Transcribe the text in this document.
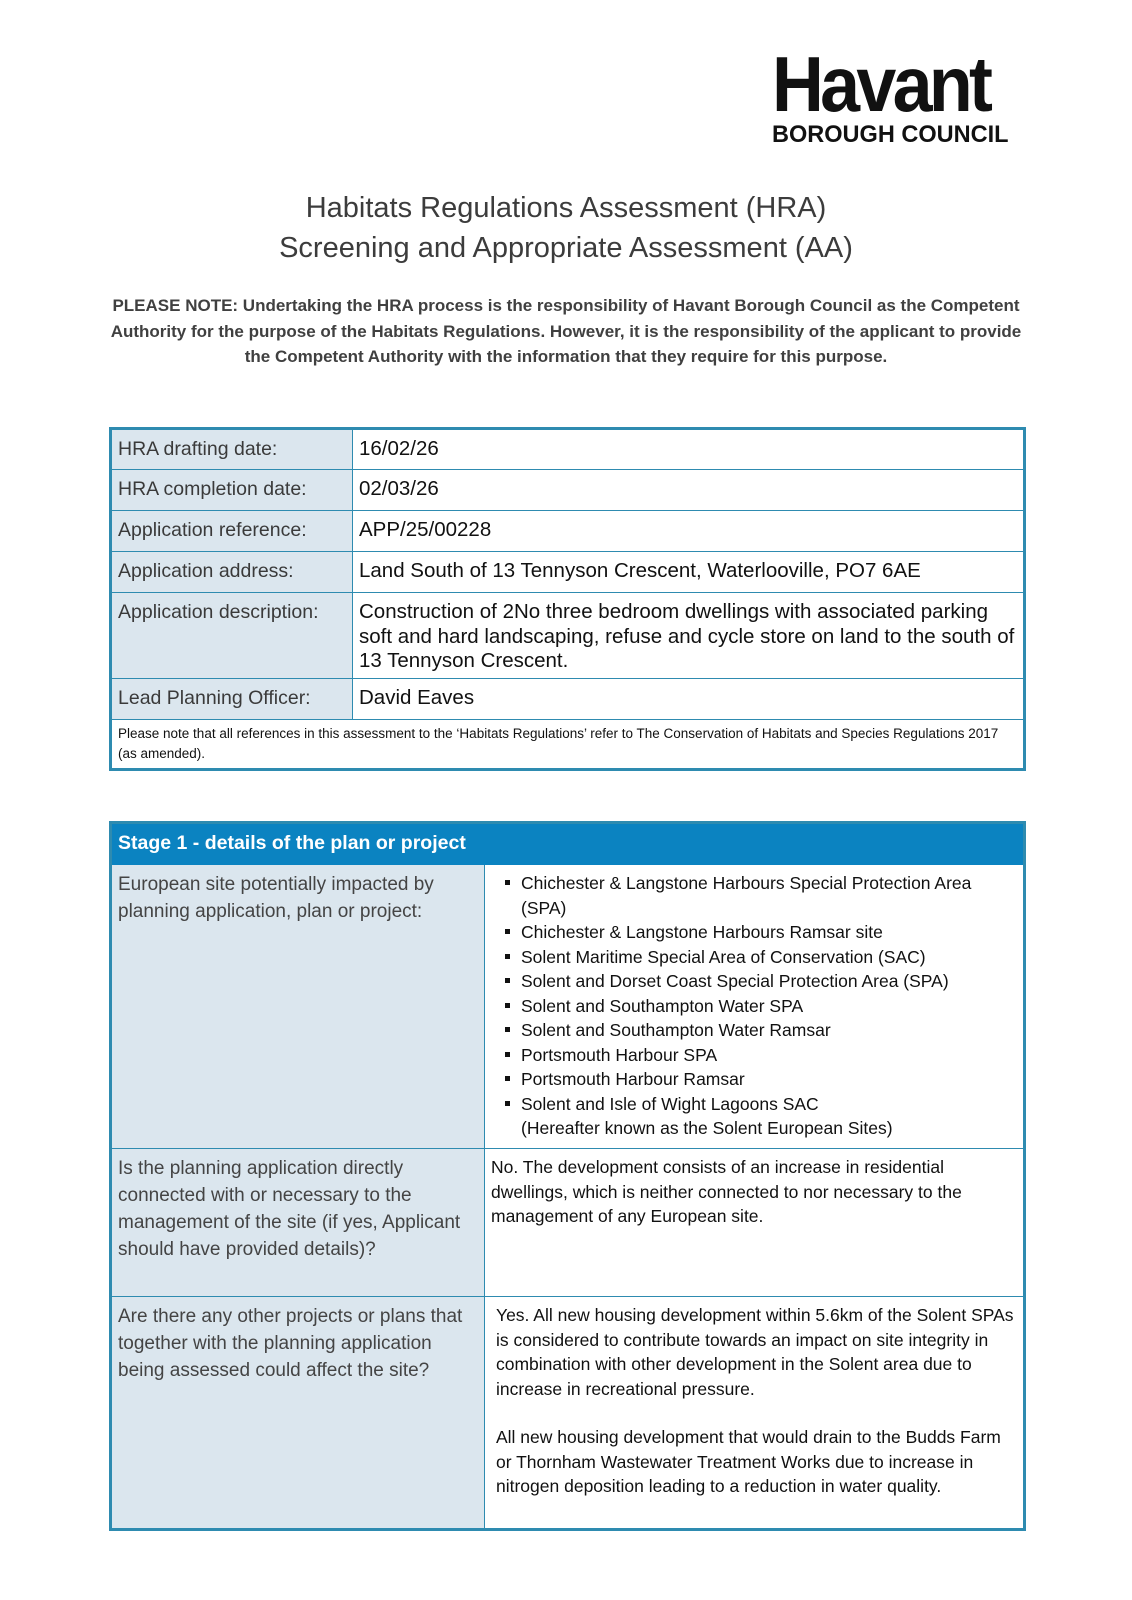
Havant
BOROUGH COUNCIL
Habitats Regulations Assessment (HRA)
Screening and Appropriate Assessment (AA)
PLEASE NOTE: Undertaking the HRA process is the responsibility of Havant Borough Council as the Competent Authority for the purpose of the Habitats Regulations. However, it is the responsibility of the applicant to provide the Competent Authority with the information that they require for this purpose.
HRA drafting date:	16/02/26
HRA completion date:	02/03/26
Application reference:	APP/25/00228
Application address:	Land South of 13 Tennyson Crescent, Waterlooville, PO7 6AE
Application description:	Construction of 2No three bedroom dwellings with associated parking soft and hard landscaping, refuse and cycle store on land to the south of 13 Tennyson Crescent.
Lead Planning Officer:	David Eaves
Please note that all references in this assessment to the ‘Habitats Regulations’ refer to The Conservation of Habitats and Species Regulations 2017 (as amended).	
Stage 1 - details of the plan or project	
European site potentially impacted by planning application, plan or project:	
Chichester & Langstone Harbours Special Protection Area (SPA)
Chichester & Langstone Harbours Ramsar site
Solent Maritime Special Area of Conservation (SAC)
Solent and Dorset Coast Special Protection Area (SPA)
Solent and Southampton Water SPA
Solent and Southampton Water Ramsar
Portsmouth Harbour SPA
Portsmouth Harbour Ramsar
Solent and Isle of Wight Lagoons SAC
(Hereafter known as the Solent European Sites)

Is the planning application directly connected with or necessary to the management of the site (if yes, Applicant should have provided details)?	No. The development consists of an increase in residential dwellings, which is neither connected to nor necessary to the management of any European site.
Are there any other projects or plans that together with the planning application being assessed could affect the site?	Yes. All new housing development within 5.6km of the Solent SPAs is considered to contribute towards an impact on site integrity in combination with other development in the Solent area due to increase in recreational pressure.

All new housing development that would drain to the Budds Farm or Thornham Wastewater Treatment Works due to increase in nitrogen deposition leading to a reduction in water quality.
